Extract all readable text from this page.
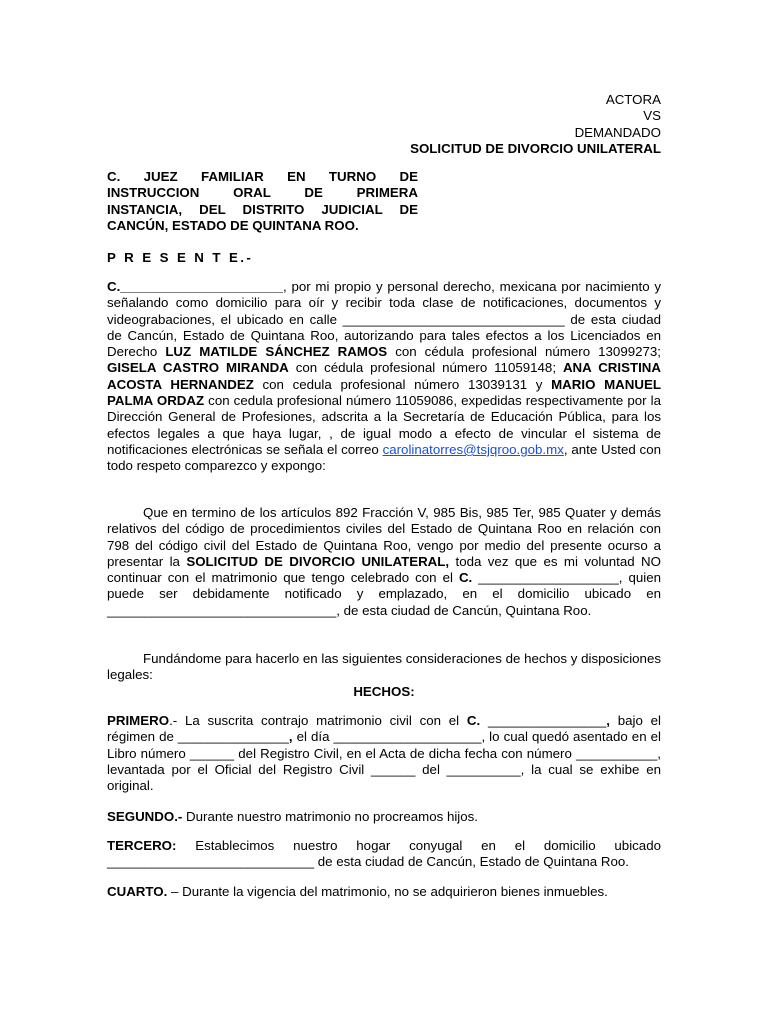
ACTORA
VS
DEMANDADO
SOLICITUD DE DIVORCIO UNILATERAL
C. JUEZ FAMILIAR EN TURNO DE
INSTRUCCION ORAL DE PRIMERA
INSTANCIA, DEL DISTRITO JUDICIAL DE
CANCÚN, ESTADO DE QUINTANA ROO.
P R E S E N T E.-
C.______________________, por mi propio y personal derecho, mexicana por nacimiento y señalando como domicilio para oír y recibir toda clase de notificaciones, documentos y videograbaciones, el ubicado en calle ______________________________ de esta ciudad de Cancún, Estado de Quintana Roo, autorizando para tales efectos a los Licenciados en Derecho LUZ MATILDE SÁNCHEZ RAMOS con cédula profesional número 13099273; GISELA CASTRO MIRANDA con cédula profesional número 11059148; ANA CRISTINA ACOSTA HERNANDEZ con cedula profesional número 13039131 y MARIO MANUEL PALMA ORDAZ con cedula profesional número 11059086, expedidas respectivamente por la Dirección General de Profesiones, adscrita a la Secretaría de Educación Pública, para los efectos legales a que haya lugar, , de igual modo a efecto de vincular el sistema de notificaciones electrónicas se señala el correo carolinatorres@tsjqroo.gob.mx, ante Usted con todo respeto comparezco y expongo:
Que en termino de los artículos 892 Fracción V, 985 Bis, 985 Ter, 985 Quater y demás relativos del código de procedimientos civiles del Estado de Quintana Roo en relación con 798 del código civil del Estado de Quintana Roo, vengo por medio del presente ocurso a presentar la SOLICITUD DE DIVORCIO UNILATERAL, toda vez que es mi voluntad NO continuar con el matrimonio que tengo celebrado con el C. ___________________, quien puede ser debidamente notificado y emplazado, en el domicilio ubicado en _______________________________, de esta ciudad de Cancún, Quintana Roo.
Fundándome para hacerlo en las siguientes consideraciones de hechos y disposiciones legales:
HECHOS:
PRIMERO.- La suscrita contrajo matrimonio civil con el C. ________________, bajo el régimen de _______________, el día ____________________, lo cual quedó asentado en el Libro número ______ del Registro Civil, en el Acta de dicha fecha con número ___________, levantada por el Oficial del Registro Civil ______ del __________, la cual se exhibe en original.
SEGUNDO.- Durante nuestro matrimonio no procreamos hijos.
TERCERO: Establecimos nuestro hogar conyugal en el domicilio ubicado ____________________________ de esta ciudad de Cancún, Estado de Quintana Roo.
CUARTO. – Durante la vigencia del matrimonio, no se adquirieron bienes inmuebles.
